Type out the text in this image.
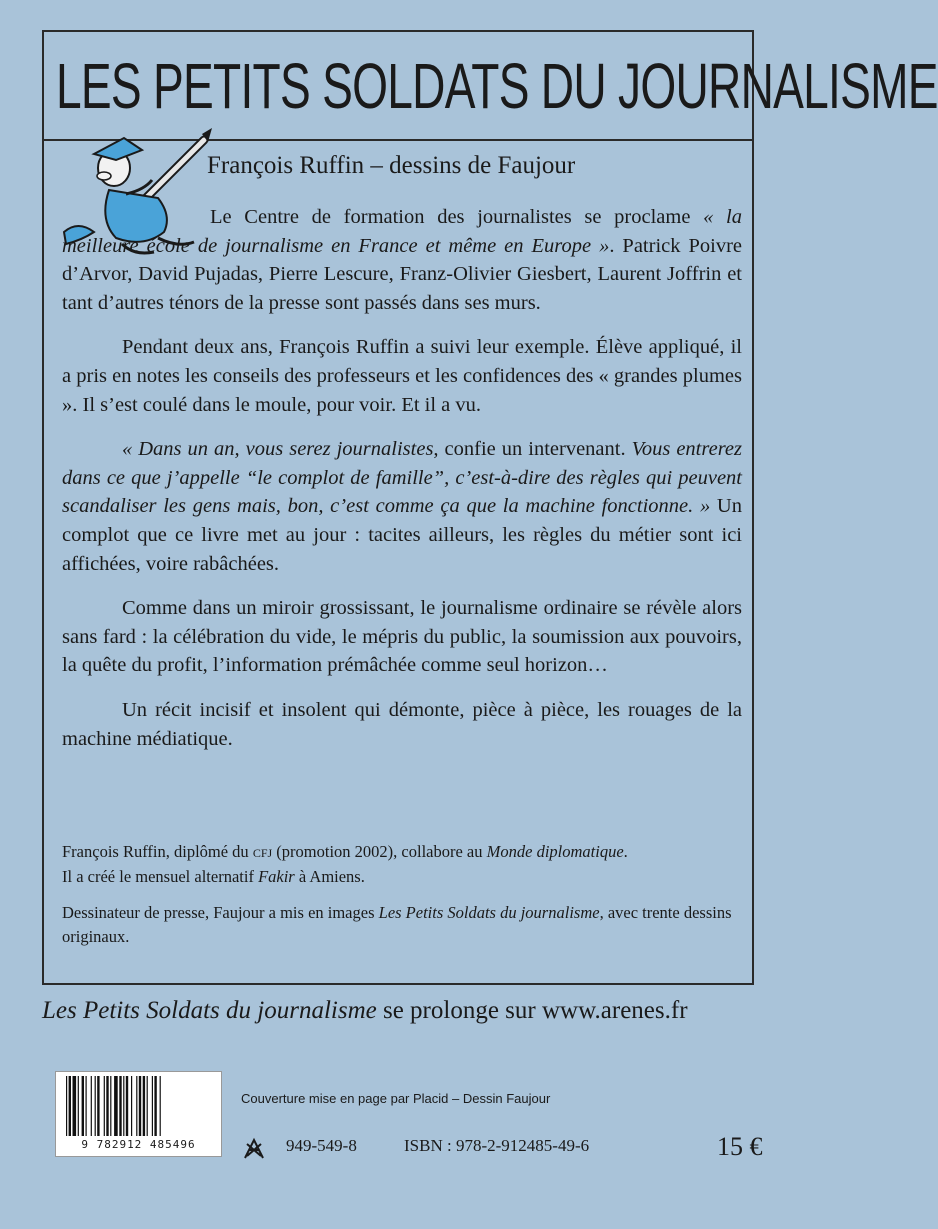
LES PETITS SOLDATS DU JOURNALISME
François Ruffin – dessins de Faujour

Le Centre de formation des journalistes se proclame « la meilleure école de journalisme en France et même en Europe ». Patrick Poivre d’Arvor, David Pujadas, Pierre Lescure, Franz-Olivier Giesbert, Laurent Joffrin et tant d’autres ténors de la presse sont passés dans ses murs.

Pendant deux ans, François Ruffin a suivi leur exemple. Élève appliqué, il a pris en notes les conseils des professeurs et les confidences des « grandes plumes ». Il s’est coulé dans le moule, pour voir. Et il a vu.

« Dans un an, vous serez journalistes, confie un intervenant. Vous entrerez dans ce que j’appelle “le complot de famille”, c’est-à-dire des règles qui peuvent scandaliser les gens mais, bon, c’est comme ça que la machine fonctionne. » Un complot que ce livre met au jour : tacites ailleurs, les règles du métier sont ici affichées, voire rabâchées.

Comme dans un miroir grossissant, le journalisme ordinaire se révèle alors sans fard : la célébration du vide, le mépris du public, la soumission aux pouvoirs, la quête du profit, l’information prémâchée comme seul horizon…

Un récit incisif et insolent qui démonte, pièce à pièce, les rouages de la machine médiatique.

François Ruffin, diplômé du CFJ (promotion 2002), collabore au Monde diplomatique.
Il a créé le mensuel alternatif Fakir à Amiens.

Dessinateur de presse, Faujour a mis en images Les Petits Soldats du journalisme, avec trente dessins originaux.

Les Petits Soldats du journalisme se prolonge sur www.arenes.fr
9 782912 485496
Couverture mise en page par Placid – Dessin Faujour
949-549-8	ISBN : 978-2-912485-49-6	15 €
